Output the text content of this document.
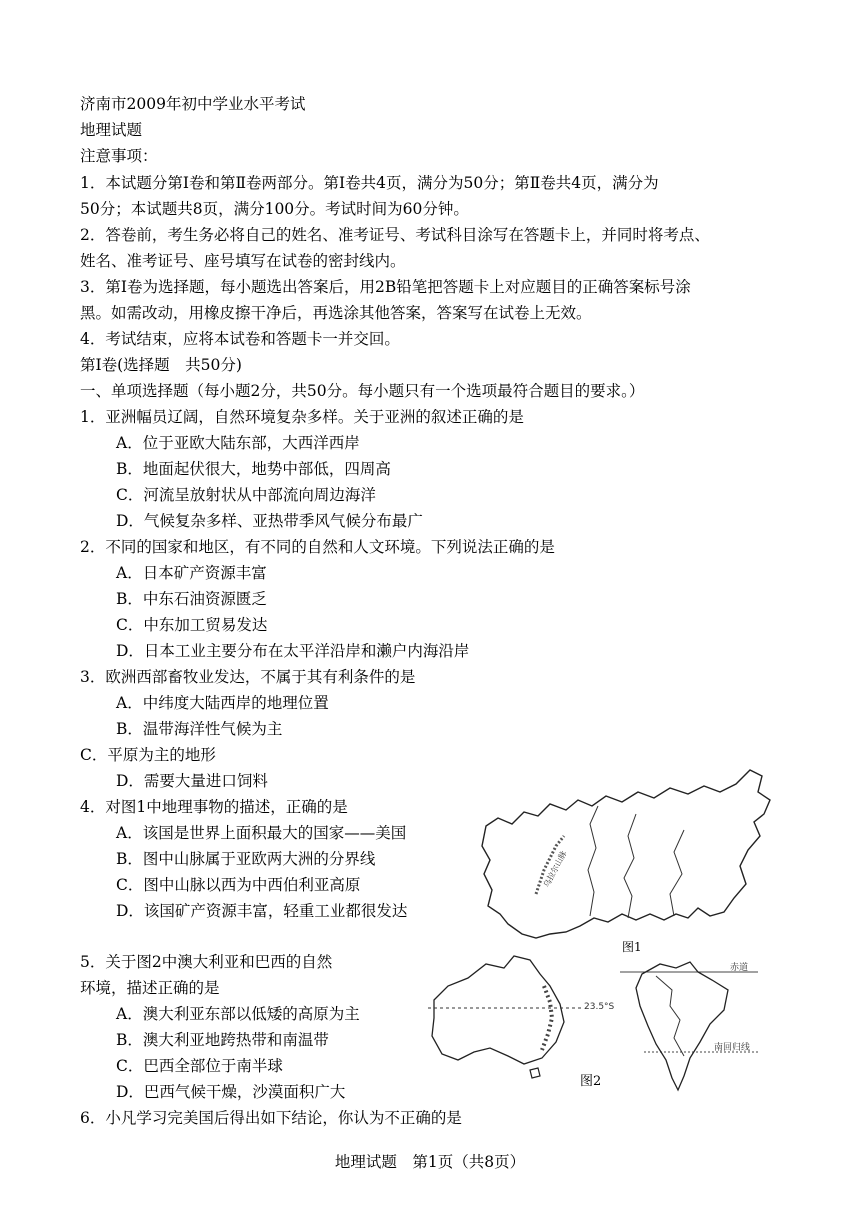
济南市2009年初中学业水平考试
地理试题
注意事项：
1．本试题分第Ⅰ卷和第Ⅱ卷两部分。第Ⅰ卷共4页，满分为50分；第Ⅱ卷共4页，满分为
50分；本试题共8页，满分100分。考试时间为60分钟。
2．答卷前，考生务必将自己的姓名、准考证号、考试科目涂写在答题卡上，并同时将考点、
姓名、准考证号、座号填写在试卷的密封线内。
3．第Ⅰ卷为选择题，每小题选出答案后，用2B铅笔把答题卡上对应题目的正确答案标号涂
黑。如需改动，用橡皮擦干净后，再选涂其他答案，答案写在试卷上无效。
4．考试结束，应将本试卷和答题卡一并交回。
第Ⅰ卷(选择题　共50分)
一、单项选择题（每小题2分，共50分。每小题只有一个选项最符合题目的要求。）
1．亚洲幅员辽阔，自然环境复杂多样。关于亚洲的叙述正确的是
A．位于亚欧大陆东部，大西洋西岸
B．地面起伏很大，地势中部低，四周高
C．河流呈放射状从中部流向周边海洋
D．气候复杂多样、亚热带季风气候分布最广
2．不同的国家和地区，有不同的自然和人文环境。下列说法正确的是
A．日本矿产资源丰富
B．中东石油资源匮乏
C．中东加工贸易发达
D．日本工业主要分布在太平洋沿岸和濑户内海沿岸
3．欧洲西部畜牧业发达，不属于其有利条件的是
A．中纬度大陆西岸的地理位置
B．温带海洋性气候为主
C．平原为主的地形
D．需要大量进口饲料
4．对图1中地理事物的描述，正确的是
A．该国是世界上面积最大的国家——美国
B．图中山脉属于亚欧两大洲的分界线
C．图中山脉以西为中西伯利亚高原
D．该国矿产资源丰富，轻重工业都很发达
5．关于图2中澳大利亚和巴西的自然
环境，描述正确的是
A．澳大利亚东部以低矮的高原为主
B．澳大利亚地跨热带和南温带
C．巴西全部位于南半球
D．巴西气候干燥，沙漠面积广大
6．小凡学习完美国后得出如下结论，你认为不正确的是
乌拉尔山脉
图1
23.5°S
赤道
南回归线
图2
地理试题　第1页（共8页）
